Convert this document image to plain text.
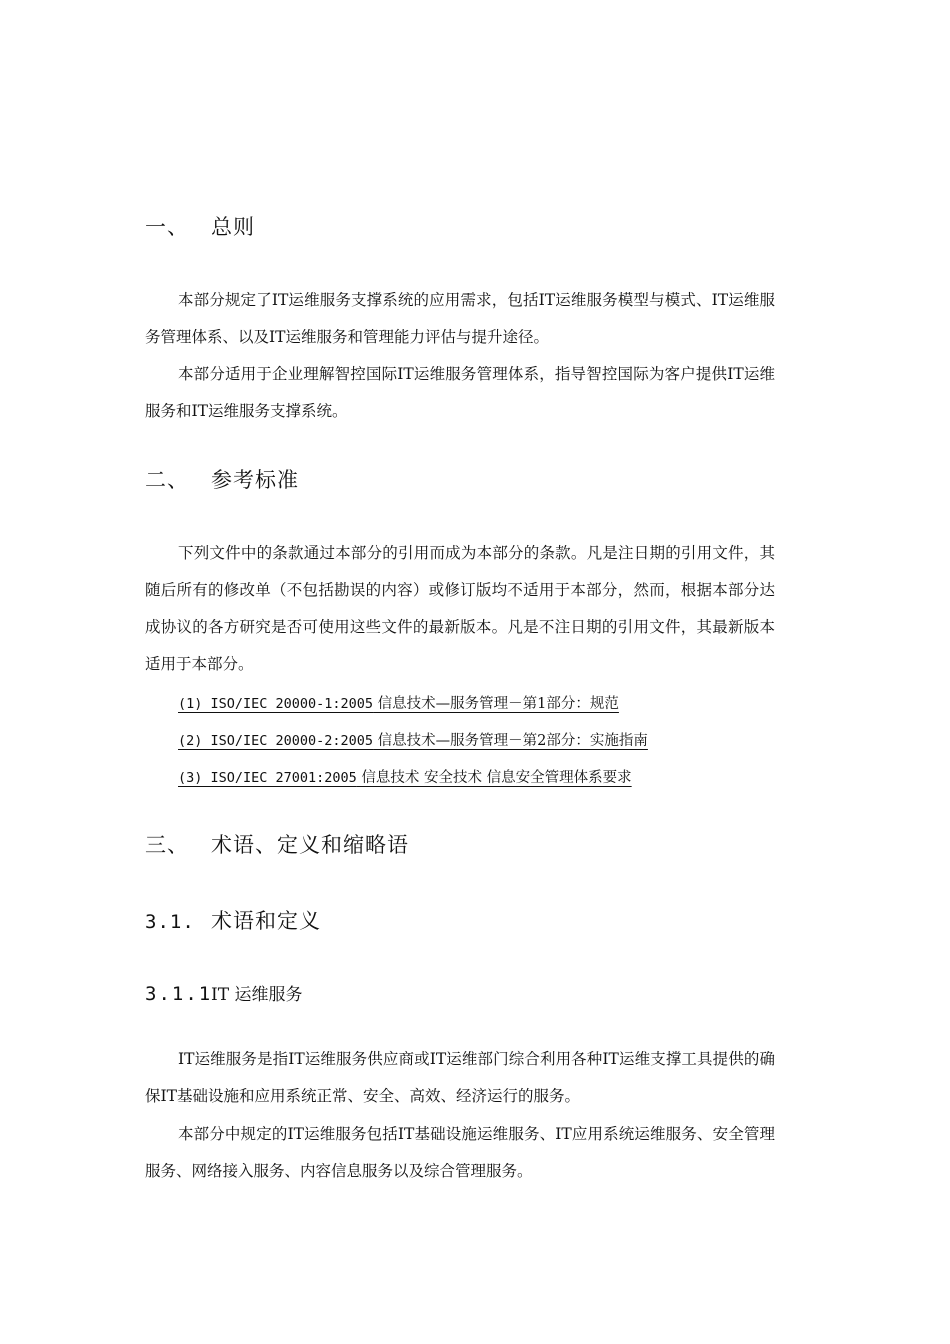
一、 总则
本部分规定了IT运维服务支撑系统的应用需求，包括IT运维服务模型与模式、IT运维服务管理体系、以及IT运维服务和管理能力评估与提升途径。
本部分适用于企业理解智控国际IT运维服务管理体系，指导智控国际为客户提供IT运维服务和IT运维服务支撑系统。
二、 参考标准
下列文件中的条款通过本部分的引用而成为本部分的条款。凡是注日期的引用文件，其随后所有的修改单（不包括勘误的内容）或修订版均不适用于本部分，然而，根据本部分达成协议的各方研究是否可使用这些文件的最新版本。凡是不注日期的引用文件，其最新版本适用于本部分。
(1) ISO/IEC 20000-1:2005 信息技术—服务管理－第1部分：规范
(2) ISO/IEC 20000-2:2005 信息技术—服务管理－第2部分：实施指南
(3) ISO/IEC 27001:2005 信息技术 安全技术 信息安全管理体系要求
三、 术语、定义和缩略语
3.1. 术语和定义
3.1.1IT 运维服务
IT运维服务是指IT运维服务供应商或IT运维部门综合利用各种IT运维支撑工具提供的确保IT基础设施和应用系统正常、安全、高效、经济运行的服务。
本部分中规定的IT运维服务包括IT基础设施运维服务、IT应用系统运维服务、安全管理服务、网络接入服务、内容信息服务以及综合管理服务。
